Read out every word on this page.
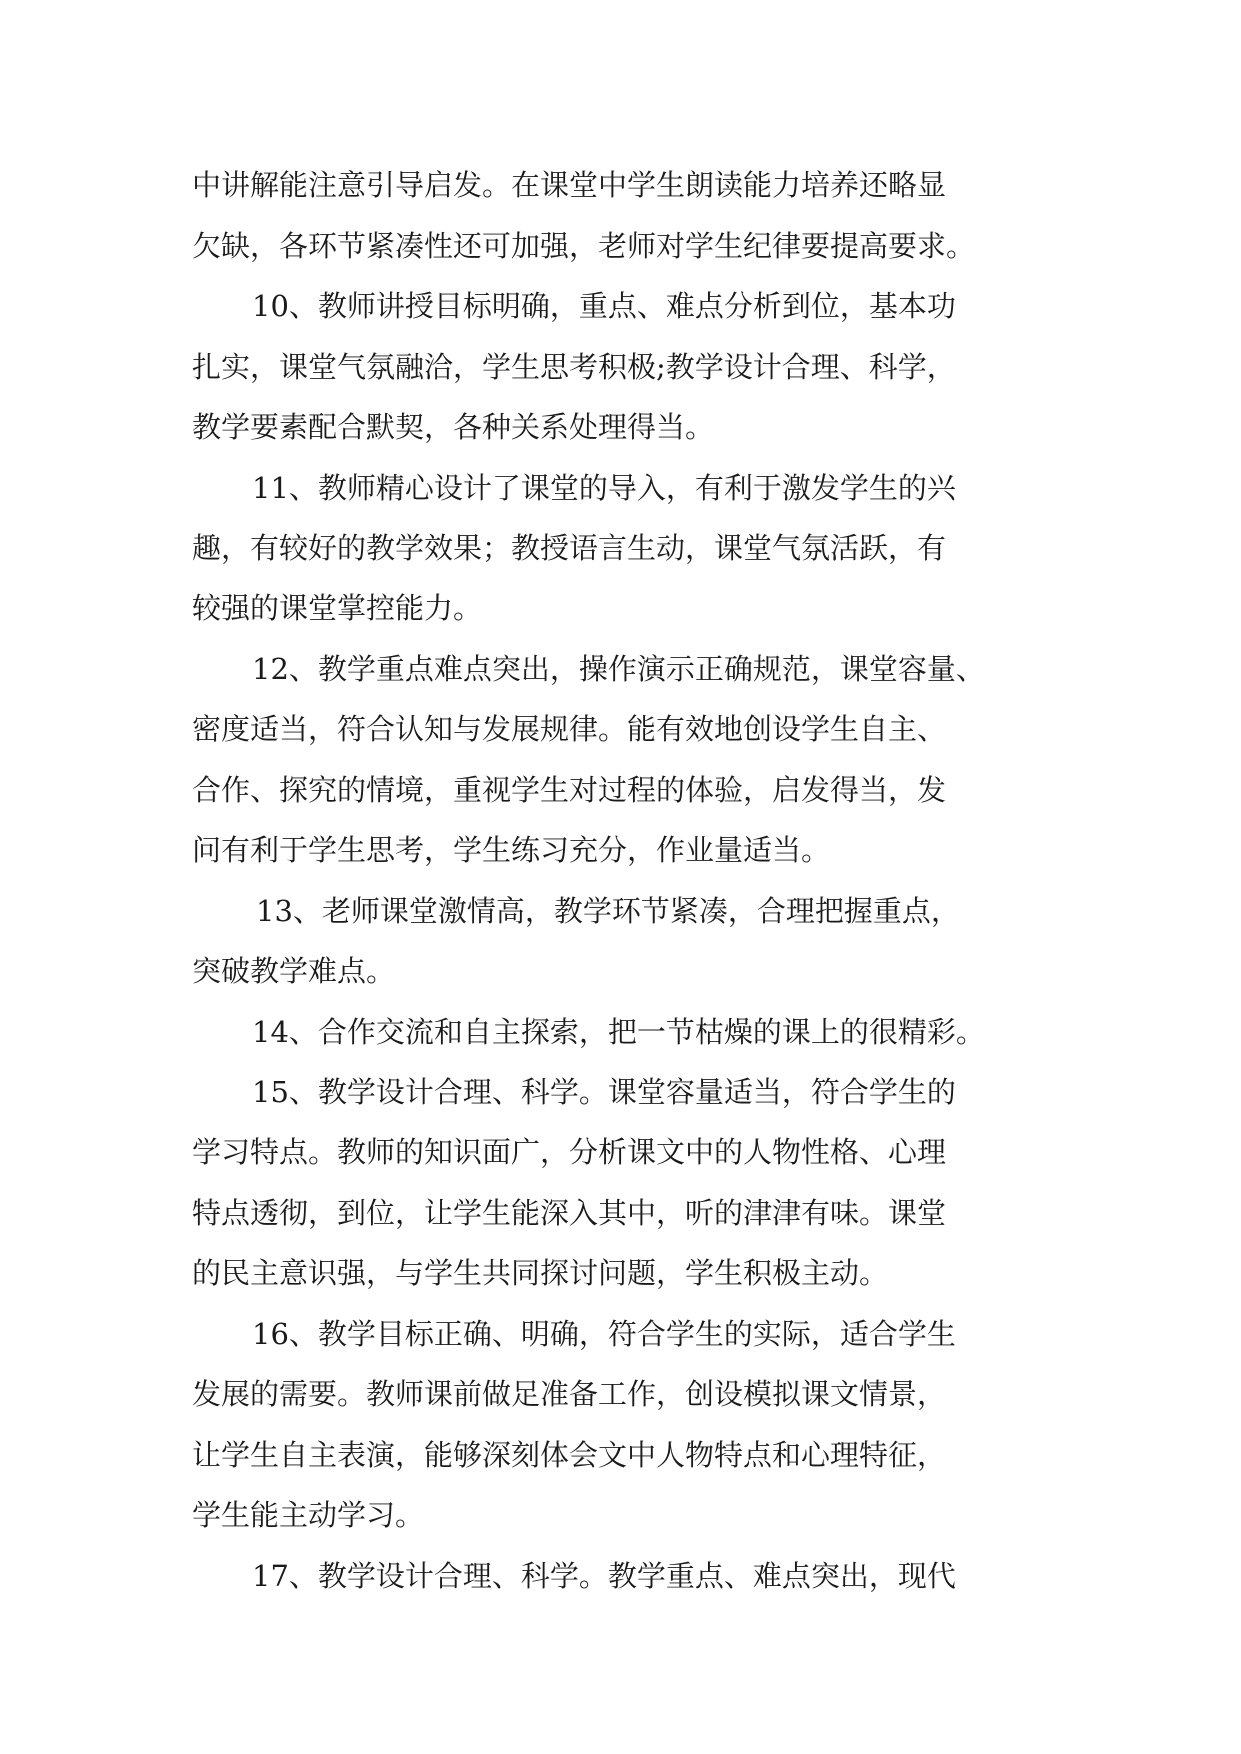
中讲解能注意引导启发。在课堂中学生朗读能力培养还略显
欠缺，各环节紧凑性还可加强，老师对学生纪律要提高要求。
10、教师讲授目标明确，重点、难点分析到位，基本功
扎实，课堂气氛融洽，学生思考积极;教学设计合理、科学，
教学要素配合默契，各种关系处理得当。
11、教师精心设计了课堂的导入，有利于激发学生的兴
趣，有较好的教学效果；教授语言生动，课堂气氛活跃，有
较强的课堂掌控能力。
12、教学重点难点突出，操作演示正确规范，课堂容量、
密度适当，符合认知与发展规律。能有效地创设学生自主、
合作、探究的情境，重视学生对过程的体验，启发得当，发
问有利于学生思考，学生练习充分，作业量适当。
13、老师课堂激情高，教学环节紧凑，合理把握重点，
突破教学难点。
14、合作交流和自主探索，把一节枯燥的课上的很精彩。
15、教学设计合理、科学。课堂容量适当，符合学生的
学习特点。教师的知识面广，分析课文中的人物性格、心理
特点透彻，到位，让学生能深入其中，听的津津有味。课堂
的民主意识强，与学生共同探讨问题，学生积极主动。
16、教学目标正确、明确，符合学生的实际，适合学生
发展的需要。教师课前做足准备工作，创设模拟课文情景，
让学生自主表演，能够深刻体会文中人物特点和心理特征，
学生能主动学习。
17、教学设计合理、科学。教学重点、难点突出，现代
